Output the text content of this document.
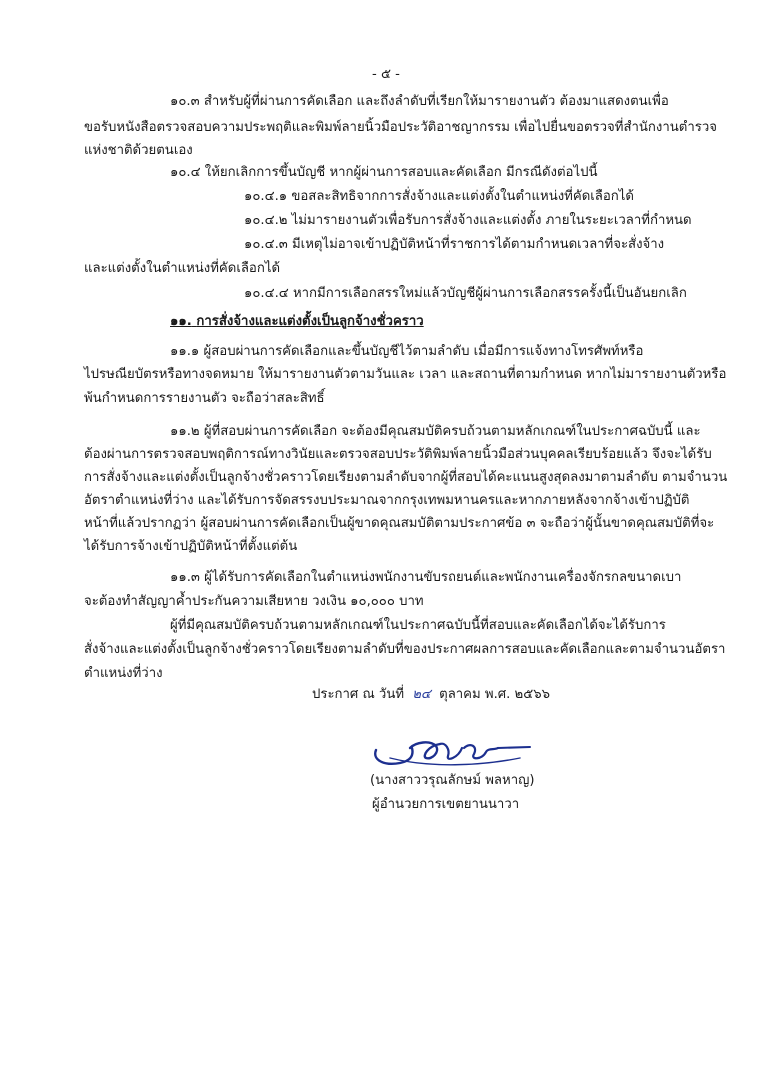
- ๕ -
๑๐.๓ สำหรับผู้ที่ผ่านการคัดเลือก และถึงลำดับที่เรียกให้มารายงานตัว ต้องมาแสดงตนเพื่อ
ขอรับหนังสือตรวจสอบความประพฤติและพิมพ์ลายนิ้วมือประวัติอาชญากรรม เพื่อไปยื่นขอตรวจที่สำนักงานตำรวจ
แห่งชาติด้วยตนเอง
๑๐.๔ ให้ยกเลิกการขึ้นบัญชี หากผู้ผ่านการสอบและคัดเลือก มีกรณีดังต่อไปนี้
๑๐.๔.๑ ขอสละสิทธิจากการสั่งจ้างและแต่งตั้งในตำแหน่งที่คัดเลือกได้
๑๐.๔.๒ ไม่มารายงานตัวเพื่อรับการสั่งจ้างและแต่งตั้ง ภายในระยะเวลาที่กำหนด
๑๐.๔.๓ มีเหตุไม่อาจเข้าปฏิบัติหน้าที่ราชการได้ตามกำหนดเวลาที่จะสั่งจ้าง
และแต่งตั้งในตำแหน่งที่คัดเลือกได้
๑๐.๔.๔ หากมีการเลือกสรรใหม่แล้วบัญชีผู้ผ่านการเลือกสรรครั้งนี้เป็นอันยกเลิก
๑๑. การสั่งจ้างและแต่งตั้งเป็นลูกจ้างชั่วคราว
๑๑.๑ ผู้สอบผ่านการคัดเลือกและขึ้นบัญชีไว้ตามลำดับ เมื่อมีการแจ้งทางโทรศัพท์หรือ
ไปรษณียบัตรหรือทางจดหมาย ให้มารายงานตัวตามวันและ เวลา และสถานที่ตามกำหนด หากไม่มารายงานตัวหรือ
พ้นกำหนดการรายงานตัว จะถือว่าสละสิทธิ์
๑๑.๒ ผู้ที่สอบผ่านการคัดเลือก จะต้องมีคุณสมบัติครบถ้วนตามหลักเกณฑ์ในประกาศฉบับนี้ และ
ต้องผ่านการตรวจสอบพฤติการณ์ทางวินัยและตรวจสอบประวัติพิมพ์ลายนิ้วมือส่วนบุคคลเรียบร้อยแล้ว จึงจะได้รับ
การสั่งจ้างและแต่งตั้งเป็นลูกจ้างชั่วคราวโดยเรียงตามลำดับจากผู้ที่สอบได้คะแนนสูงสุดลงมาตามลำดับ ตามจำนวน
อัตราตำแหน่งที่ว่าง และได้รับการจัดสรรงบประมาณจากกรุงเทพมหานครและหากภายหลังจากจ้างเข้าปฏิบัติ
หน้าที่แล้วปรากฏว่า ผู้สอบผ่านการคัดเลือกเป็นผู้ขาดคุณสมบัติตามประกาศข้อ ๓ จะถือว่าผู้นั้นขาดคุณสมบัติที่จะ
ได้รับการจ้างเข้าปฏิบัติหน้าที่ตั้งแต่ต้น
๑๑.๓ ผู้ได้รับการคัดเลือกในตำแหน่งพนักงานขับรถยนต์และพนักงานเครื่องจักรกลขนาดเบา
จะต้องทำสัญญาค้ำประกันความเสียหาย วงเงิน ๑๐,๐๐๐ บาท
ผู้ที่มีคุณสมบัติครบถ้วนตามหลักเกณฑ์ในประกาศฉบับนี้ที่สอบและคัดเลือกได้จะได้รับการ
สั่งจ้างและแต่งตั้งเป็นลูกจ้างชั่วคราวโดยเรียงตามลำดับที่ของประกาศผลการสอบและคัดเลือกและตามจำนวนอัตรา
ตำแหน่งที่ว่าง
ประกาศ ณ วันที่ ๒๔ ตุลาคม พ.ศ. ๒๕๖๖
(นางสาววรุณลักษม์ พลหาญ)
ผู้อำนวยการเขตยานนาวา
